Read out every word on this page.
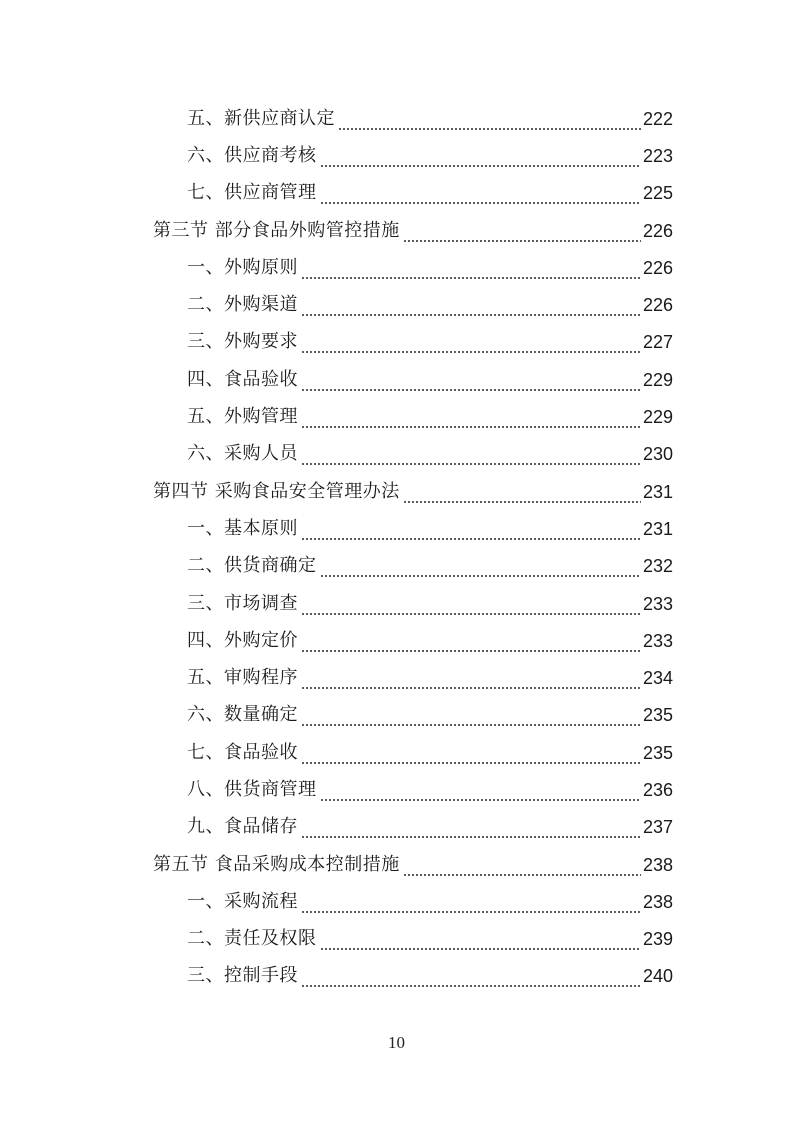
五、新供应商认定	222
六、供应商考核	223
七、供应商管理	225
第三节 部分食品外购管控措施	226
一、外购原则	226
二、外购渠道	226
三、外购要求	227
四、食品验收	229
五、外购管理	229
六、采购人员	230
第四节 采购食品安全管理办法	231
一、基本原则	231
二、供货商确定	232
三、市场调查	233
四、外购定价	233
五、审购程序	234
六、数量确定	235
七、食品验收	235
八、供货商管理	236
九、食品储存	237
第五节 食品采购成本控制措施	238
一、采购流程	238
二、责任及权限	239
三、控制手段	240
10
